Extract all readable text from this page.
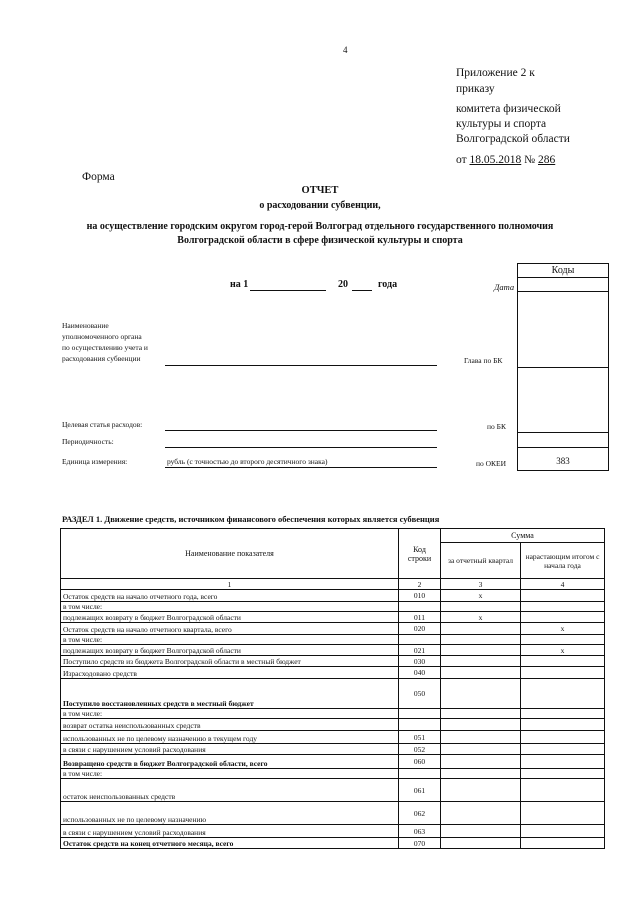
4
Приложение 2 к
приказу
комитета физической
культуры и спорта
Волгоградской области
от 18.05.2018 № 286
Форма
ОТЧЕТ
о расходовании субвенции,
на осуществление городским округом город-герой Волгоград отдельного государственного полномочия
Волгоградской области в сфере физической культуры и спорта
на 1	20	года
Коды
383
Дата
Наименование
уполномоченного органа
по осуществлению учета и
расходования субвенции	Глава по БК
Целевая статья расходов:	по БК
Периодичность:
Единица измерения:	рубль (с точностью до второго десятичного знака)	по ОКЕИ
РАЗДЕЛ 1. Движение средств, источником финансового обеспечения которых является субвенция
Наименование показателя	Код строки	Сумма	
		за отчетный квартал	нарастающим итогом с начала года
1	2	3	4
Остаток средств на начало отчетного года, всего	010	х	
в том числе:			
подлежащих возврату в бюджет Волгоградской области	011	х	
Остаток средств на начало отчетного квартала, всего	020		х
в том числе:			
подлежащих возврату в бюджет Волгоградской области	021		х
Поступило средств из бюджета Волгоградской области в местный бюджет	030		
Израсходовано средств	040		
Поступило восстановленных средств в местный бюджет	050		
в том числе:			
возврат остатка неиспользованных средств			
использованных не по целевому назначению в текущем году	051		
в связи с нарушением условий расходования	052		
Возвращено средств в бюджет Волгоградской области, всего	060		
в том числе:			
остаток неиспользованных средств	061		
использованных не по целевому назначению	062		
в связи с нарушением условий расходования	063		
Остаток средств на конец отчетного месяца, всего	070		
